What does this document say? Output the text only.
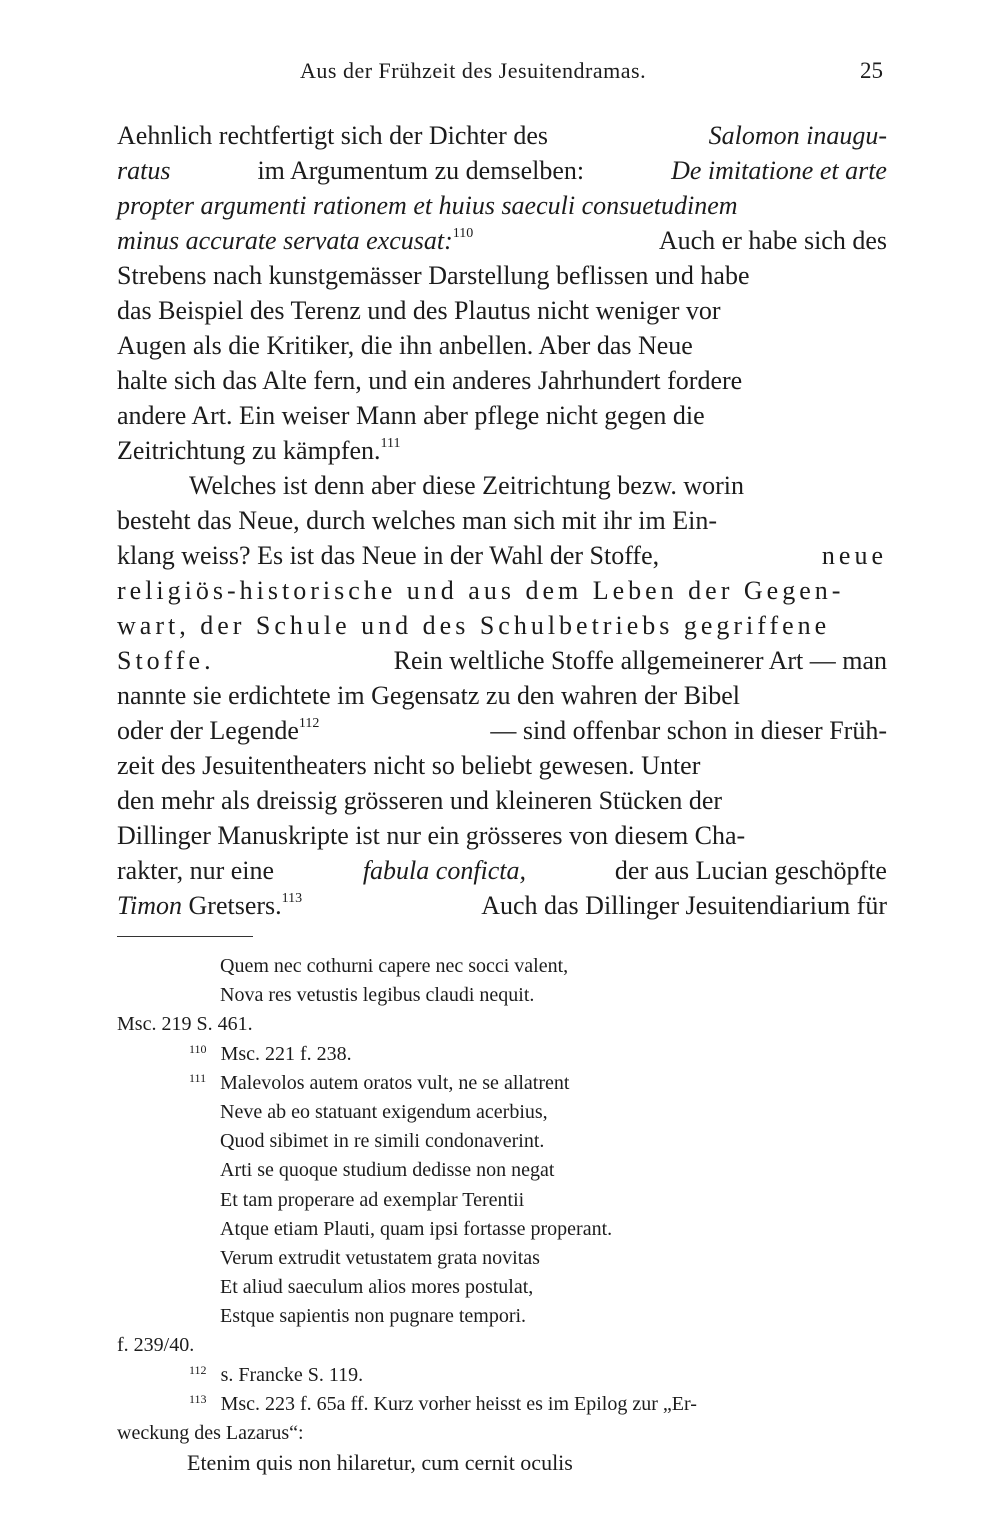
Aus der Frühzeit des Jesuitendramas.	25
Aehnlich rechtfertigt sich der Dichter des	Salomon inaugu-
ratus	im Argumentum zu demselben:	De imitatione et arte
propter argumenti rationem et huius saeculi consuetudinem
minus accurate servata excusat:$^{110}$	Auch er habe sich des
Strebens nach kunstgemässer Darstellung beflissen und habe
das Beispiel des Terenz und des Plautus nicht weniger vor
Augen als die Kritiker, die ihn anbellen. Aber das Neue
halte sich das Alte fern, und ein anderes Jahrhundert fordere
andere Art. Ein weiser Mann aber pflege nicht gegen die
Zeitrichtung zu kämpfen.$^{111}$
Welches ist denn aber diese Zeitrichtung bezw. worin
besteht das Neue, durch welches man sich mit ihr im Ein-
klang weiss? Es ist das Neue in der Wahl der Stoffe,	neue
religiös-historische und aus dem Leben der Gegen-
wart, der Schule und des Schulbetriebs gegriffene
Stoffe.	Rein weltliche Stoffe allgemeinerer Art — man
nannte sie erdichtete im Gegensatz zu den wahren der Bibel
oder der Legende$^{112}$	— sind offenbar schon in dieser Früh-
zeit des Jesuitentheaters nicht so beliebt gewesen. Unter
den mehr als dreissig grösseren und kleineren Stücken der
Dillinger Manuskripte ist nur ein grösseres von diesem Cha-
rakter, nur eine	fabula conficta,	der aus Lucian geschöpfte
Timon Gretsers.$^{113}$	Auch das Dillinger Jesuitendiarium für
Quem nec cothurni capere nec socci valent,
Nova res vetustis legibus claudi nequit.
Msc. 219 S. 461.
$^{110}$ Msc. 221 f. 238.
$^{111}$ Malevolos autem oratos vult, ne se allatrent
Neve ab eo statuant exigendum acerbius,
Quod sibimet in re simili condonaverint.
Arti se quoque studium dedisse non negat
Et tam properare ad exemplar Terentii
Atque etiam Plauti, quam ipsi fortasse properant.
Verum extrudit vetustatem grata novitas
Et aliud saeculum alios mores postulat,
Estque sapientis non pugnare tempori.
f. 239/40.
$^{112}$ s. Francke S. 119.
$^{113}$ Msc. 223 f. 65a ff. Kurz vorher heisst es im Epilog zur „Er-
weckung des Lazarus“:
Etenim quis non hilaretur, cum cernit oculis
